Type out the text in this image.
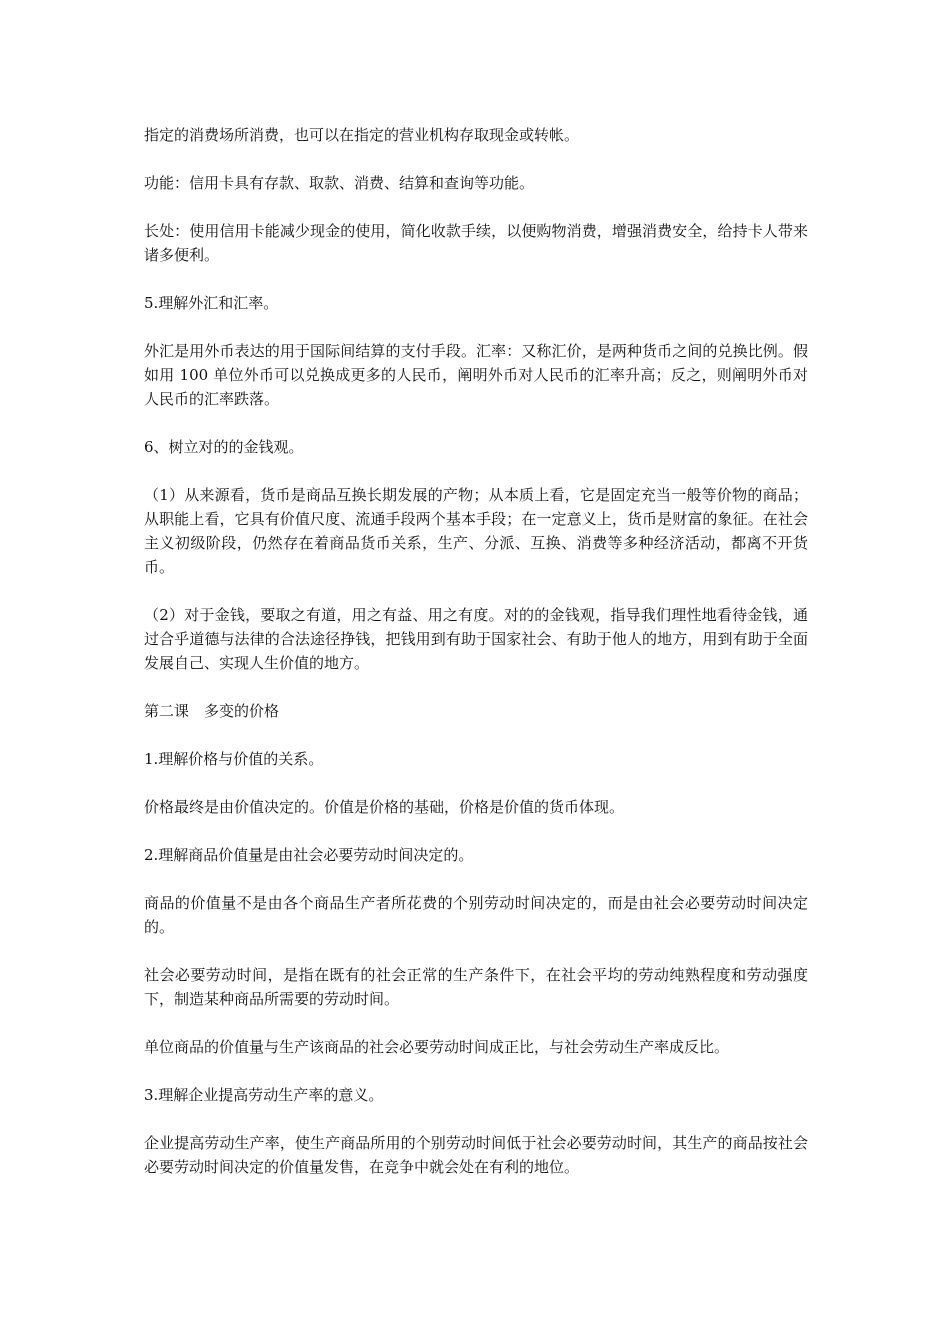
指定的消费场所消费，也可以在指定的营业机构存取现金或转帐。

功能：信用卡具有存款、取款、消费、结算和查询等功能。

长处：使用信用卡能减少现金的使用，简化收款手续，以便购物消费，增强消费安全，给持卡人带来诸多便利。

5.理解外汇和汇率。

外汇是用外币表达的用于国际间结算的支付手段。汇率：又称汇价，是两种货币之间的兑换比例。假如用 100 单位外币可以兑换成更多的人民币，阐明外币对人民币的汇率升高；反之，则阐明外币对人民币的汇率跌落。

6、树立对的的金钱观。

（1）从来源看，货币是商品互换长期发展的产物；从本质上看，它是固定充当一般等价物的商品；从职能上看，它具有价值尺度、流通手段两个基本手段；在一定意义上，货币是财富的象征。在社会主义初级阶段，仍然存在着商品货币关系，生产、分派、互换、消费等多种经济活动，都离不开货币。

（2）对于金钱，要取之有道，用之有益、用之有度。对的的金钱观，指导我们理性地看待金钱，通过合乎道德与法律的合法途径挣钱，把钱用到有助于国家社会、有助于他人的地方，用到有助于全面发展自己、实现人生价值的地方。

第二课　多变的价格

1.理解价格与价值的关系。

价格最终是由价值决定的。价值是价格的基础，价格是价值的货币体现。

2.理解商品价值量是由社会必要劳动时间决定的。

商品的价值量不是由各个商品生产者所花费的个别劳动时间决定的，而是由社会必要劳动时间决定的。

社会必要劳动时间，是指在既有的社会正常的生产条件下，在社会平均的劳动纯熟程度和劳动强度下，制造某种商品所需要的劳动时间。

单位商品的价值量与生产该商品的社会必要劳动时间成正比，与社会劳动生产率成反比。

3.理解企业提高劳动生产率的意义。

企业提高劳动生产率，使生产商品所用的个别劳动时间低于社会必要劳动时间，其生产的商品按社会必要劳动时间决定的价值量发售，在竞争中就会处在有利的地位。
